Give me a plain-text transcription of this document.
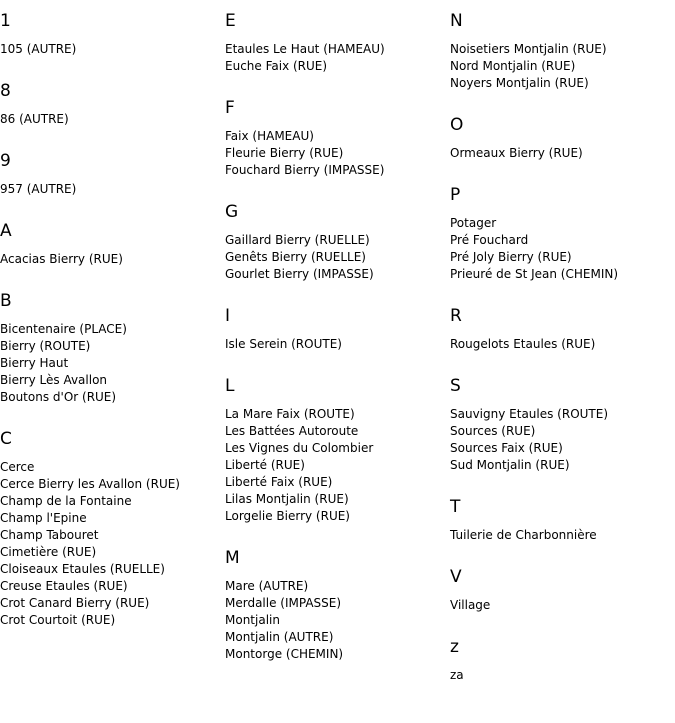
1
105 (AUTRE)
8
86 (AUTRE)
9
957 (AUTRE)
A
Acacias Bierry (RUE)
B
Bicentenaire (PLACE)
Bierry (ROUTE)
Bierry Haut
Bierry Lès Avallon
Boutons d'Or (RUE)
C
Cerce
Cerce Bierry les Avallon (RUE)
Champ de la Fontaine
Champ l'Epine
Champ Tabouret
Cimetière (RUE)
Cloiseaux Etaules (RUELLE)
Creuse Etaules (RUE)
Crot Canard Bierry (RUE)
Crot Courtoit (RUE)
E
Etaules Le Haut (HAMEAU)
Euche Faix (RUE)
F
Faix (HAMEAU)
Fleurie Bierry (RUE)
Fouchard Bierry (IMPASSE)
G
Gaillard Bierry (RUELLE)
Genêts Bierry (RUELLE)
Gourlet Bierry (IMPASSE)
I
Isle Serein (ROUTE)
L
La Mare Faix (ROUTE)
Les Battées Autoroute
Les Vignes du Colombier
Liberté (RUE)
Liberté Faix (RUE)
Lilas Montjalin (RUE)
Lorgelie Bierry (RUE)
M
Mare (AUTRE)
Merdalle (IMPASSE)
Montjalin
Montjalin (AUTRE)
Montorge (CHEMIN)
N
Noisetiers Montjalin (RUE)
Nord Montjalin (RUE)
Noyers Montjalin (RUE)
O
Ormeaux Bierry (RUE)
P
Potager
Pré Fouchard
Pré Joly Bierry (RUE)
Prieuré de St Jean (CHEMIN)
R
Rougelots Etaules (RUE)
S
Sauvigny Etaules (ROUTE)
Sources (RUE)
Sources Faix (RUE)
Sud Montjalin (RUE)
T
Tuilerie de Charbonnière
V
Village
z
za
